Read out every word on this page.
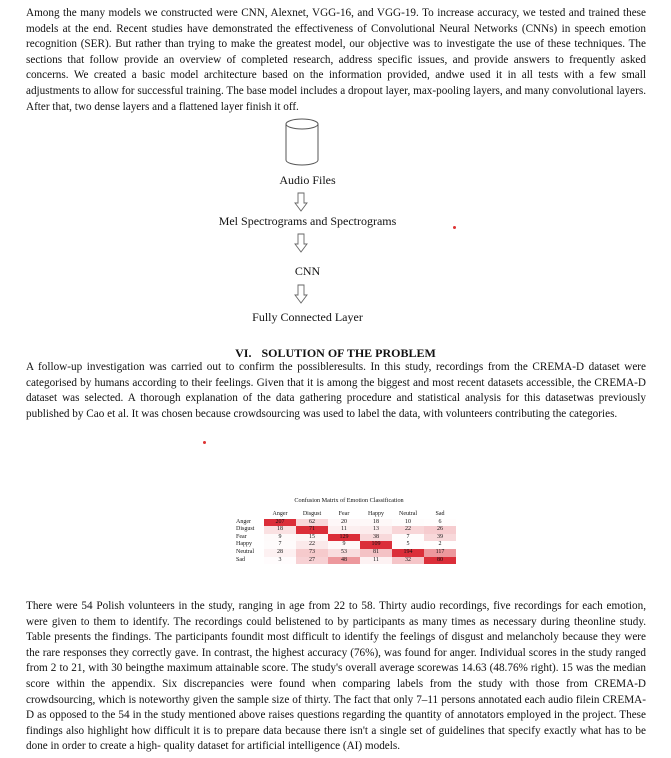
Among the many models we constructed were CNN, Alexnet, VGG-16, and VGG-19. To increase accuracy, we tested and trained these models at the end. Recent studies have demonstrated the effectiveness of Convolutional Neural Networks (CNNs) in speech emotion recognition (SER). But rather than trying to make the greatest model, our objective was to investigate the use of these techniques. The sections that follow provide an overview of completed research, address specific issues, and provide answers to frequently asked concerns. We created a basic model architecture based on the information provided, andwe used it in all tests with a few small adjustments to allow for successful training. The base model includes a dropout layer, max-pooling layers, and many convolutional layers. After that, two dense layers and a flattened layer finish it off.

Audio Files
Mel Spectrograms and Spectrograms
CNN
Fully Connected Layer
VI. SOLUTION OF THE PROBLEM

A follow-up investigation was carried out to confirm the possibleresults. In this study, recordings from the CREMA-D dataset were categorised by humans according to their feelings. Given that it is among the biggest and most recent datasets accessible, the CREMA-D dataset was selected. A thorough explanation of the data gathering procedure and statistical analysis for this datasetwas previously published by Cao et al. It was chosen because crowdsourcing was used to label the data, with volunteers contributing the categories.

Confusion Matrix of Emotion Classification
	Anger	Disgust	Fear	Happy	Neutral	Sad
Anger	207	62	20	18	10	6
Disgust	18	71	11	13	22	26
Fear	9	15	129	38	7	39
Happy	7	22	9	109	5	2
Neutral	28	73	53	81	194	117
Sad	3	27	48	11	32	80

There were 54 Polish volunteers in the study, ranging in age from 22 to 58. Thirty audio recordings, five recordings for each emotion, were given to them to identify. The recordings could belistened to by participants as many times as necessary during theonline study. Table presents the findings. The participants foundit most difficult to identify the feelings of disgust and melancholy because they were the rare responses they correctly gave. In contrast, the highest accuracy (76%), was found for anger. Individual scores in the study ranged from 2 to 21, with 30 beingthe maximum attainable score. The study's overall average scorewas 14.63 (48.76% right). 15 was the median score within the appendix. Six discrepancies were found when comparing labels from the study with those from CREMA-D crowdsourcing, which is noteworthy given the sample size of thirty. The fact that only 7–11 persons annotated each audio filein CREMA-D as opposed to the 54 in the study mentioned above raises questions regarding the quantity of annotators employed in the project. These findings also highlight how difficult it is to prepare data because there isn't a single set of guidelines that specify exactly what has to be done in order to create a high- quality dataset for artificial intelligence (AI) models.
